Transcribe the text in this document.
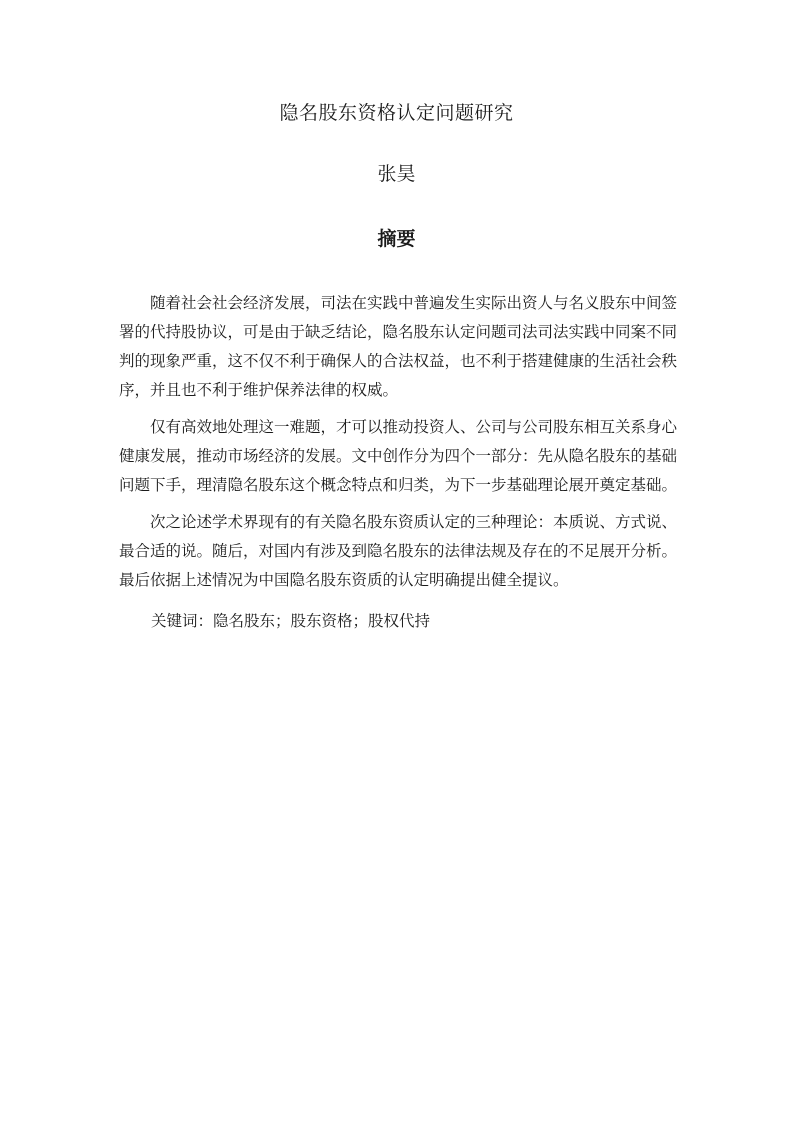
隐名股东资格认定问题研究
张昊
摘要

随着社会社会经济发展，司法在实践中普遍发生实际出资人与名义股东中间签署的代持股协议，可是由于缺乏结论，隐名股东认定问题司法司法实践中同案不同判的现象严重，这不仅不利于确保人的合法权益，也不利于搭建健康的生活社会秩序，并且也不利于维护保养法律的权威。

仅有高效地处理这一难题，才可以推动投资人、公司与公司股东相互关系身心健康发展，推动市场经济的发展。文中创作分为四个一部分：先从隐名股东的基础问题下手，理清隐名股东这个概念特点和归类，为下一步基础理论展开奠定基础。

次之论述学术界现有的有关隐名股东资质认定的三种理论：本质说、方式说、最合适的说。随后，对国内有涉及到隐名股东的法律法规及存在的不足展开分析。最后依据上述情况为中国隐名股东资质的认定明确提出健全提议。

关键词：隐名股东；股东资格；股权代持
